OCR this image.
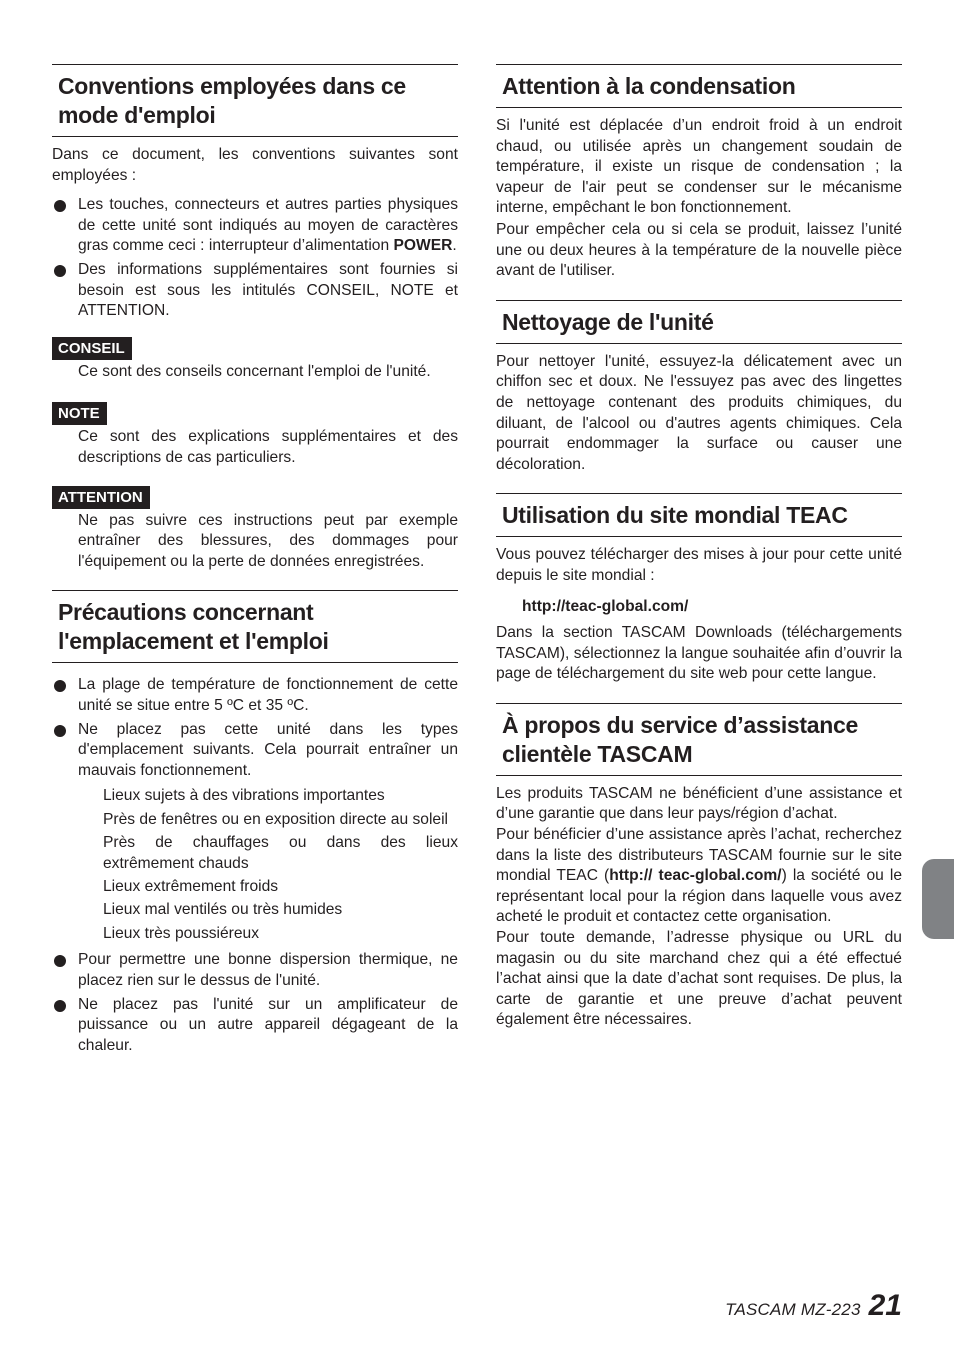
Conventions employées dans ce
mode d'emploi

Dans ce document, les conventions suivantes sont employées :

Les touches, connecteurs et autres parties physiques de cette unité sont indiqués au moyen de caractères gras comme ceci : interrupteur d’alimentation POWER.
Des informations supplémentaires sont fournies si besoin est sous les intitulés CONSEIL, NOTE et ATTENTION.
CONSEIL

Ce sont des conseils concernant l'emploi de l'unité.

NOTE

Ce sont des explications supplémentaires et des descriptions de cas particuliers.

ATTENTION

Ne pas suivre ces instructions peut par exemple entraîner des blessures, des dommages pour l'équipement ou la perte de données enregistrées.

Précautions concernant
l'emplacement et l'emploi
La plage de température de fonctionnement de cette unité se situe entre 5 ºC et 35 ºC.
Ne placez pas cette unité dans les types d'emplacement suivants. Cela pourrait entraîner un mauvais fonctionnement.
Lieux sujets à des vibrations importantes
Près de fenêtres ou en exposition directe au soleil
Près de chauffages ou dans des lieux extrêmement chauds
Lieux extrêmement froids
Lieux mal ventilés ou très humides
Lieux très poussiéreux
Pour permettre une bonne dispersion thermique, ne placez rien sur le dessus de l'unité.
Ne placez pas l'unité sur un amplificateur de puissance ou un autre appareil dégageant de la chaleur.
Attention à la condensation

Si l'unité est déplacée d’un endroit froid à un endroit chaud, ou utilisée après un changement soudain de température, il existe un risque de condensation ; la vapeur de l'air peut se condenser sur le mécanisme interne, empêchant le bon fonctionnement.

Pour empêcher cela ou si cela se produit, laissez l’unité une ou deux heures à la température de la nouvelle pièce avant de l'utiliser.

Nettoyage de l'unité

Pour nettoyer l'unité, essuyez-la délicatement avec un chiffon sec et doux. Ne l'essuyez pas avec des lingettes de nettoyage contenant des produits chimiques, du diluant, de l'alcool ou d'autres agents chimiques. Cela pourrait endommager la surface ou causer une décoloration.

Utilisation du site mondial TEAC

Vous pouvez télécharger des mises à jour pour cette unité depuis le site mondial :

http://teac-global.com/

Dans la section TASCAM Downloads (téléchargements TASCAM), sélectionnez la langue souhaitée afin d’ouvrir la page de téléchargement du site web pour cette langue.

À propos du service d’assistance
clientèle TASCAM

Les produits TASCAM ne bénéficient d’une assistance et d’une garantie que dans leur pays/région d’achat.

Pour bénéficier d’une assistance après l’achat, recherchez dans la liste des distributeurs TASCAM fournie sur le site mondial TEAC (http:// teac-global.com/) la société ou le représentant local pour la région dans laquelle vous avez acheté le produit et contactez cette organisation.

Pour toute demande, l’adresse physique ou URL du magasin ou du site marchand chez qui a été effectué l’achat ainsi que la date d’achat sont requises. De plus, la carte de garantie et une preuve d’achat peuvent également être nécessaires.

TASCAM MZ-223 21
